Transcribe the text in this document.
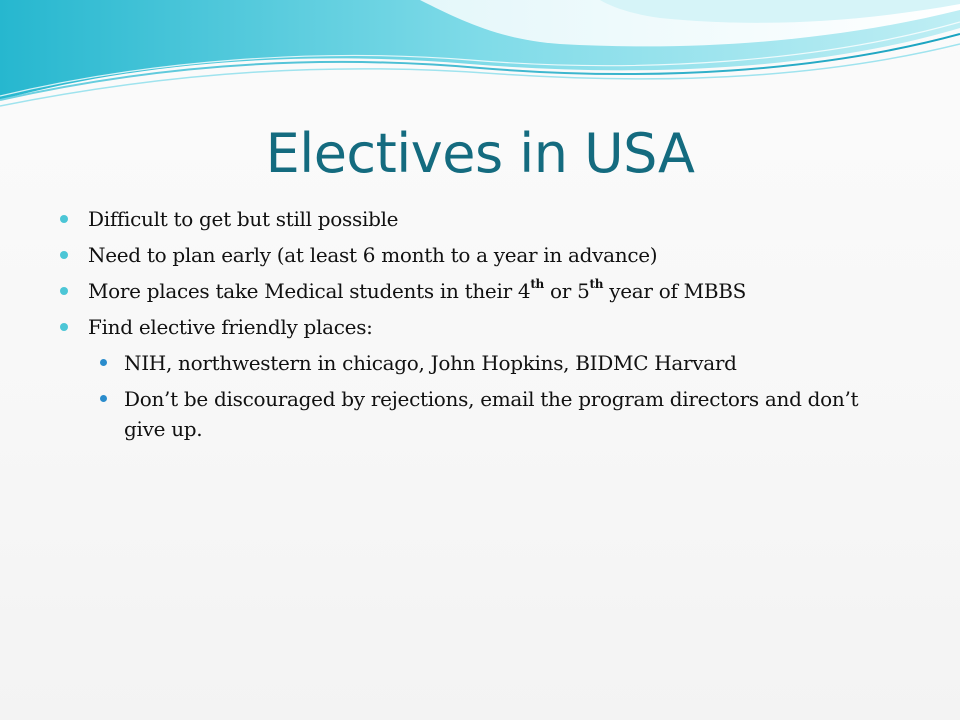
Electives in USA
Difficult to get but still possible
Need to plan early (at least 6 month to a year in advance)
More places take Medical students in their 4th or 5th year of MBBS
Find elective friendly places:
NIH, northwestern in chicago, John Hopkins, BIDMC Harvard
Don’t be discouraged by rejections, email the program directors and don’t give up.
